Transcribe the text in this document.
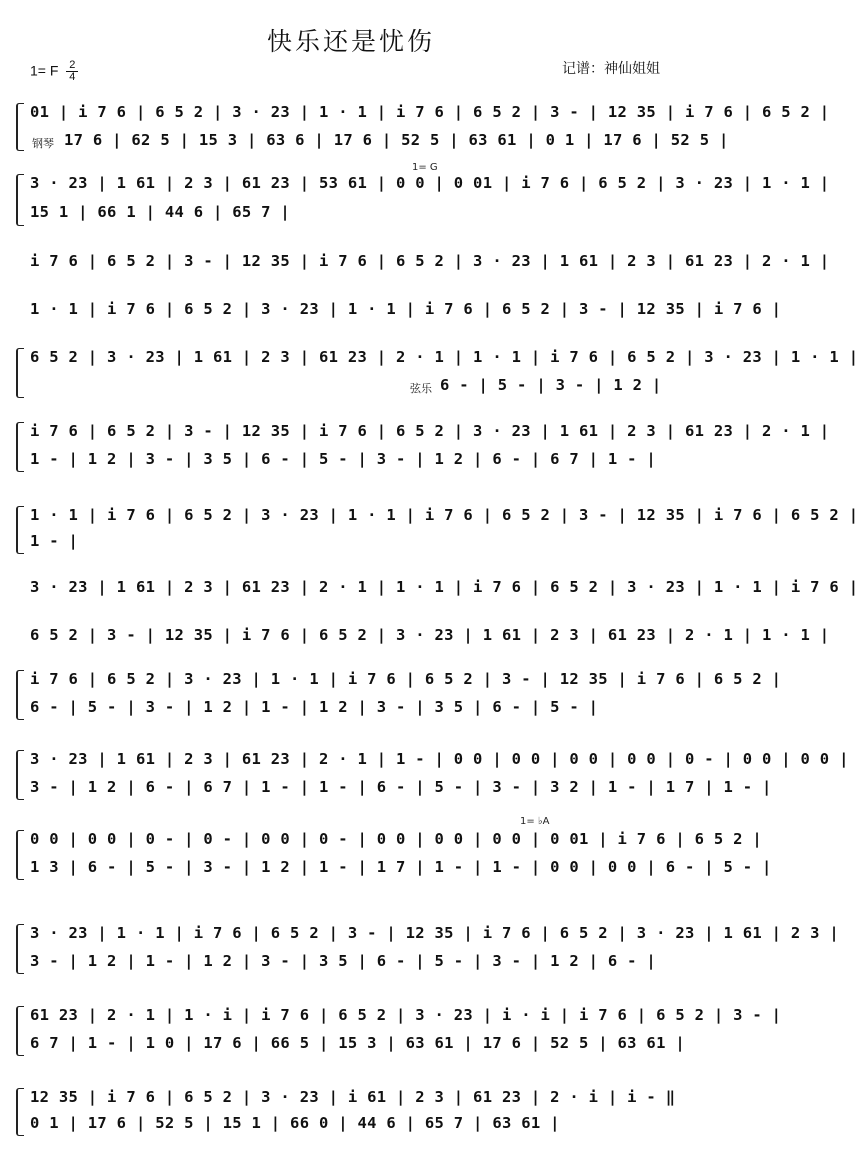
快乐还是忧伤
1= F $\frac{2}{4}$	记谱：神仙姐姐
钢琴
弦乐
1= G
1= ♭A
01 | i 7 6 | 6 5 2 | 3 · 23 | 1 · 1 | i 7 6 | 6 5 2 | 3 - | 12 35 | i 7 6 | 6 5 2 |
17 6 | 62 5 | 15 3 | 63 6 | 17 6 | 52 5 | 63 61 | 0 1 | 17 6 | 52 5 |
3 · 23 | 1 61 | 2 3 | 61 23 | 53 61 | 0 0 | 0 01 | i 7 6 | 6 5 2 | 3 · 23 | 1 · 1 |
15 1 | 66 1 | 44 6 | 65 7 |
i 7 6 | 6 5 2 | 3 - | 12 35 | i 7 6 | 6 5 2 | 3 · 23 | 1 61 | 2 3 | 61 23 | 2 · 1 |
1 · 1 | i 7 6 | 6 5 2 | 3 · 23 | 1 · 1 | i 7 6 | 6 5 2 | 3 - | 12 35 | i 7 6 |
6 5 2 | 3 · 23 | 1 61 | 2 3 | 61 23 | 2 · 1 | 1 · 1 | i 7 6 | 6 5 2 | 3 · 23 | 1 · 1 |
6 - | 5 - | 3 - | 1 2 |
i 7 6 | 6 5 2 | 3 - | 12 35 | i 7 6 | 6 5 2 | 3 · 23 | 1 61 | 2 3 | 61 23 | 2 · 1 |
1 - | 1 2 | 3 - | 3 5 | 6 - | 5 - | 3 - | 1 2 | 6 - | 6 7 | 1 - |
1 · 1 | i 7 6 | 6 5 2 | 3 · 23 | 1 · 1 | i 7 6 | 6 5 2 | 3 - | 12 35 | i 7 6 | 6 5 2 |
1 - |
3 · 23 | 1 61 | 2 3 | 61 23 | 2 · 1 | 1 · 1 | i 7 6 | 6 5 2 | 3 · 23 | 1 · 1 | i 7 6 |
6 5 2 | 3 - | 12 35 | i 7 6 | 6 5 2 | 3 · 23 | 1 61 | 2 3 | 61 23 | 2 · 1 | 1 · 1 |
i 7 6 | 6 5 2 | 3 · 23 | 1 · 1 | i 7 6 | 6 5 2 | 3 - | 12 35 | i 7 6 | 6 5 2 |
6 - | 5 - | 3 - | 1 2 | 1 - | 1 2 | 3 - | 3 5 | 6 - | 5 - |
3 · 23 | 1 61 | 2 3 | 61 23 | 2 · 1 | 1 - | 0 0 | 0 0 | 0 0 | 0 0 | 0 - | 0 0 | 0 0 |
3 - | 1 2 | 6 - | 6 7 | 1 - | 1 - | 6 - | 5 - | 3 - | 3 2 | 1 - | 1 7 | 1 - |
0 0 | 0 0 | 0 - | 0 - | 0 0 | 0 - | 0 0 | 0 0 | 0 0 | 0 01 | i 7 6 | 6 5 2 |
1 3 | 6 - | 5 - | 3 - | 1 2 | 1 - | 1 7 | 1 - | 1 - | 0 0 | 0 0 | 6 - | 5 - |
3 · 23 | 1 · 1 | i 7 6 | 6 5 2 | 3 - | 12 35 | i 7 6 | 6 5 2 | 3 · 23 | 1 61 | 2 3 |
3 - | 1 2 | 1 - | 1 2 | 3 - | 3 5 | 6 - | 5 - | 3 - | 1 2 | 6 - |
61 23 | 2 · 1 | 1 · i | i 7 6 | 6 5 2 | 3 · 23 | i · i | i 7 6 | 6 5 2 | 3 - |
6 7 | 1 - | 1 0 | 17 6 | 66 5 | 15 3 | 63 61 | 17 6 | 52 5 | 63 61 |
12 35 | i 7 6 | 6 5 2 | 3 · 23 | i 61 | 2 3 | 61 23 | 2 · i | i - ‖
0 1 | 17 6 | 52 5 | 15 1 | 66 0 | 44 6 | 65 7 | 63 61 |
